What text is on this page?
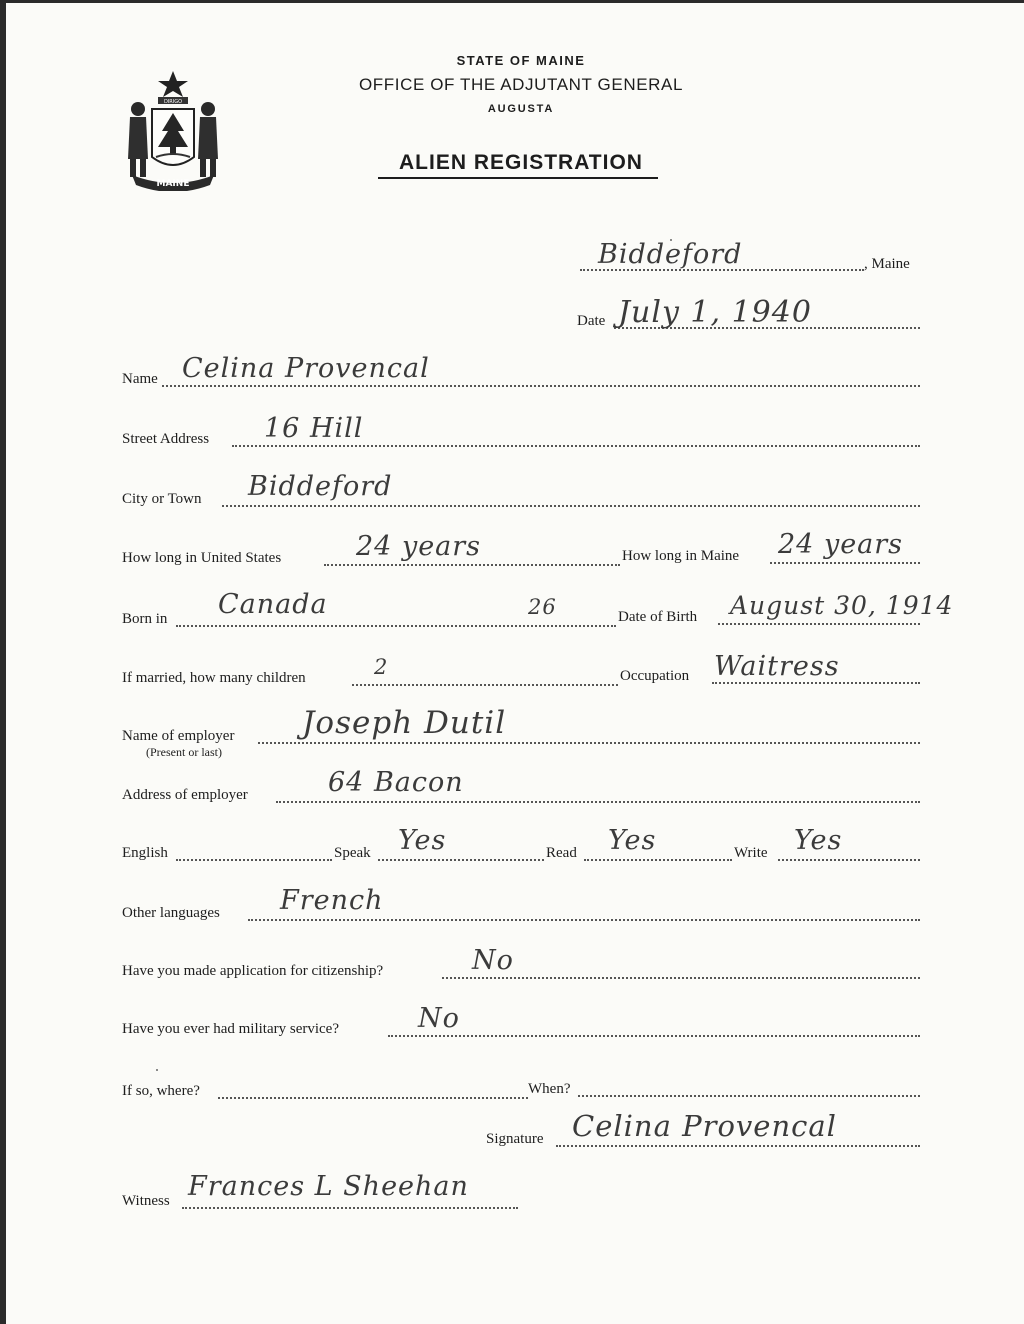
DIRIGO
MAINE
STATE OF MAINE
OFFICE OF THE ADJUTANT GENERAL
AUGUSTA
ALIEN REGISTRATION
Biddeford	, Maine
Date July 1, 1940
Name Celina Provencal
Street Address 16 Hill
City or Town Biddeford
How long in United States	24 years	How long in Maine 24 years
Born in Canada	26	Date of Birth August 30, 1914
If married, how many children	2	Occupation Waitress
Name of employer
(Present or last)
Joseph Dutil
Address of employer	64 Bacon
English	Speak Yes	Read Yes	Write Yes
Other languages French
Have you made application for citizenship?	No
Have you ever had military service?	No
If so, where?	When?
Signature Celina Provencal
Witness Frances L Sheehan
